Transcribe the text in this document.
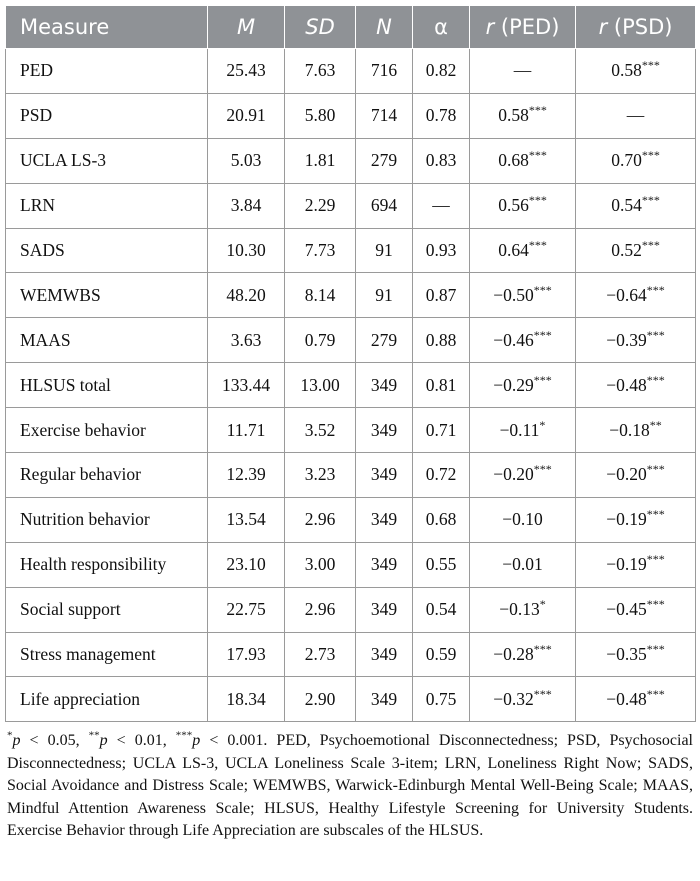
Measure	M	SD	N	α	r (PED)	r (PSD)
PED	25.43	7.63	716	0.82	—	0.58***
PSD	20.91	5.80	714	0.78	0.58***	—
UCLA LS-3	5.03	1.81	279	0.83	0.68***	0.70***
LRN	3.84	2.29	694	—	0.56***	0.54***
SADS	10.30	7.73	91	0.93	0.64***	0.52***
WEMWBS	48.20	8.14	91	0.87	−0.50***	−0.64***
MAAS	3.63	0.79	279	0.88	−0.46***	−0.39***
HLSUS total	133.44	13.00	349	0.81	−0.29***	−0.48***
Exercise behavior	11.71	3.52	349	0.71	−0.11*	−0.18**
Regular behavior	12.39	3.23	349	0.72	−0.20***	−0.20***
Nutrition behavior	13.54	2.96	349	0.68	−0.10	−0.19***
Health responsibility	23.10	3.00	349	0.55	−0.01	−0.19***
Social support	22.75	2.96	349	0.54	−0.13*	−0.45***
Stress management	17.93	2.73	349	0.59	−0.28***	−0.35***
Life appreciation	18.34	2.90	349	0.75	−0.32***	−0.48***

*p < 0.05, **p < 0.01, ***p < 0.001. PED, Psychoemotional Disconnectedness; PSD, Psychosocial Disconnectedness; UCLA LS-3, UCLA Loneliness Scale 3-item; LRN, Loneliness Right Now; SADS, Social Avoidance and Distress Scale; WEMWBS, Warwick-Edinburgh Mental Well-Being Scale; MAAS, Mindful Attention Awareness Scale; HLSUS, Healthy Lifestyle Screening for University Students. Exercise Behavior through Life Appreciation are subscales of the HLSUS.
